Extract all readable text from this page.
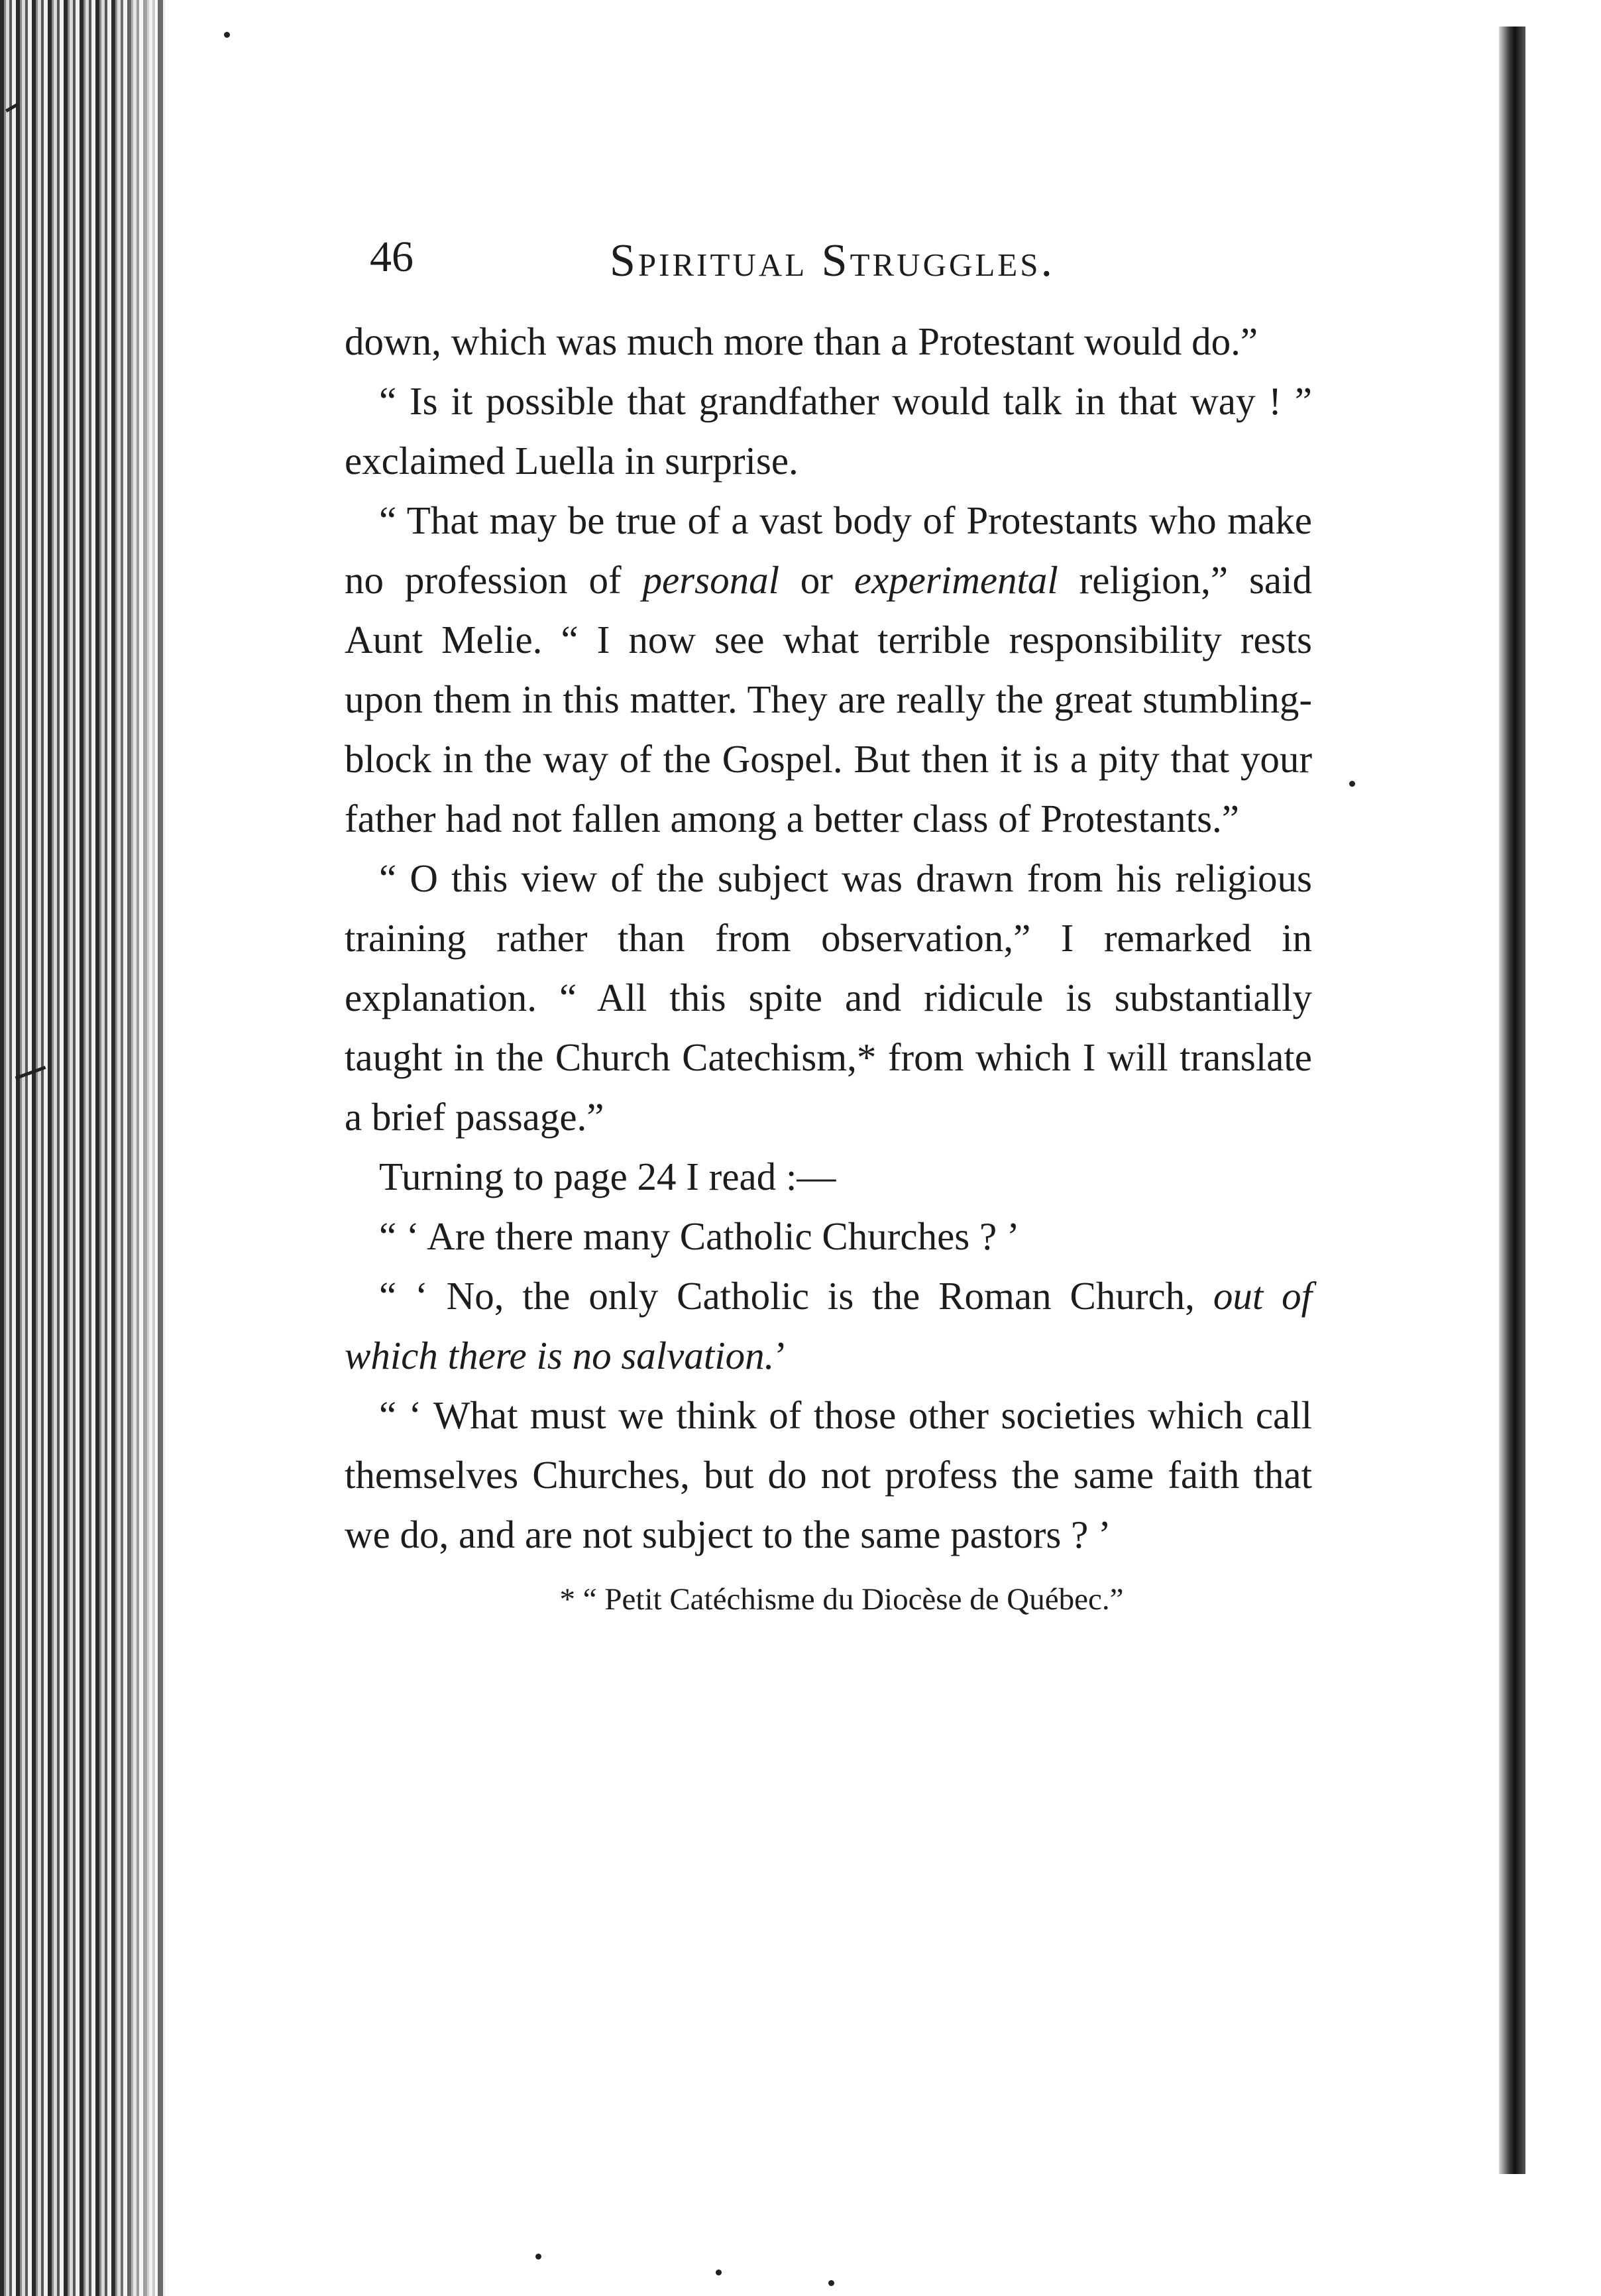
46	Spiritual Struggles.

down, which was much more than a Protestant would do.”

“ Is it possible that grandfather would talk in that way ! ” exclaimed Luella in surprise.

“ That may be true of a vast body of Protestants who make no profession of personal or experimental religion,” said Aunt Melie. “ I now see what terrible responsibility rests upon them in this matter. They are really the great stumbling-block in the way of the Gospel. But then it is a pity that your father had not fallen among a better class of Protestants.”

“ O this view of the subject was drawn from his religious training rather than from observation,” I remarked in explanation. “ All this spite and ridicule is substantially taught in the Church Catechism,* from which I will translate a brief passage.”

Turning to page 24 I read :—

“ ‘ Are there many Catholic Churches ? ’

“ ‘ No, the only Catholic is the Roman Church, out of which there is no salvation.’

“ ‘ What must we think of those other societies which call themselves Churches, but do not profess the same faith that we do, and are not subject to the same pastors ? ’

* “ Petit Catéchisme du Diocèse de Québec.”
